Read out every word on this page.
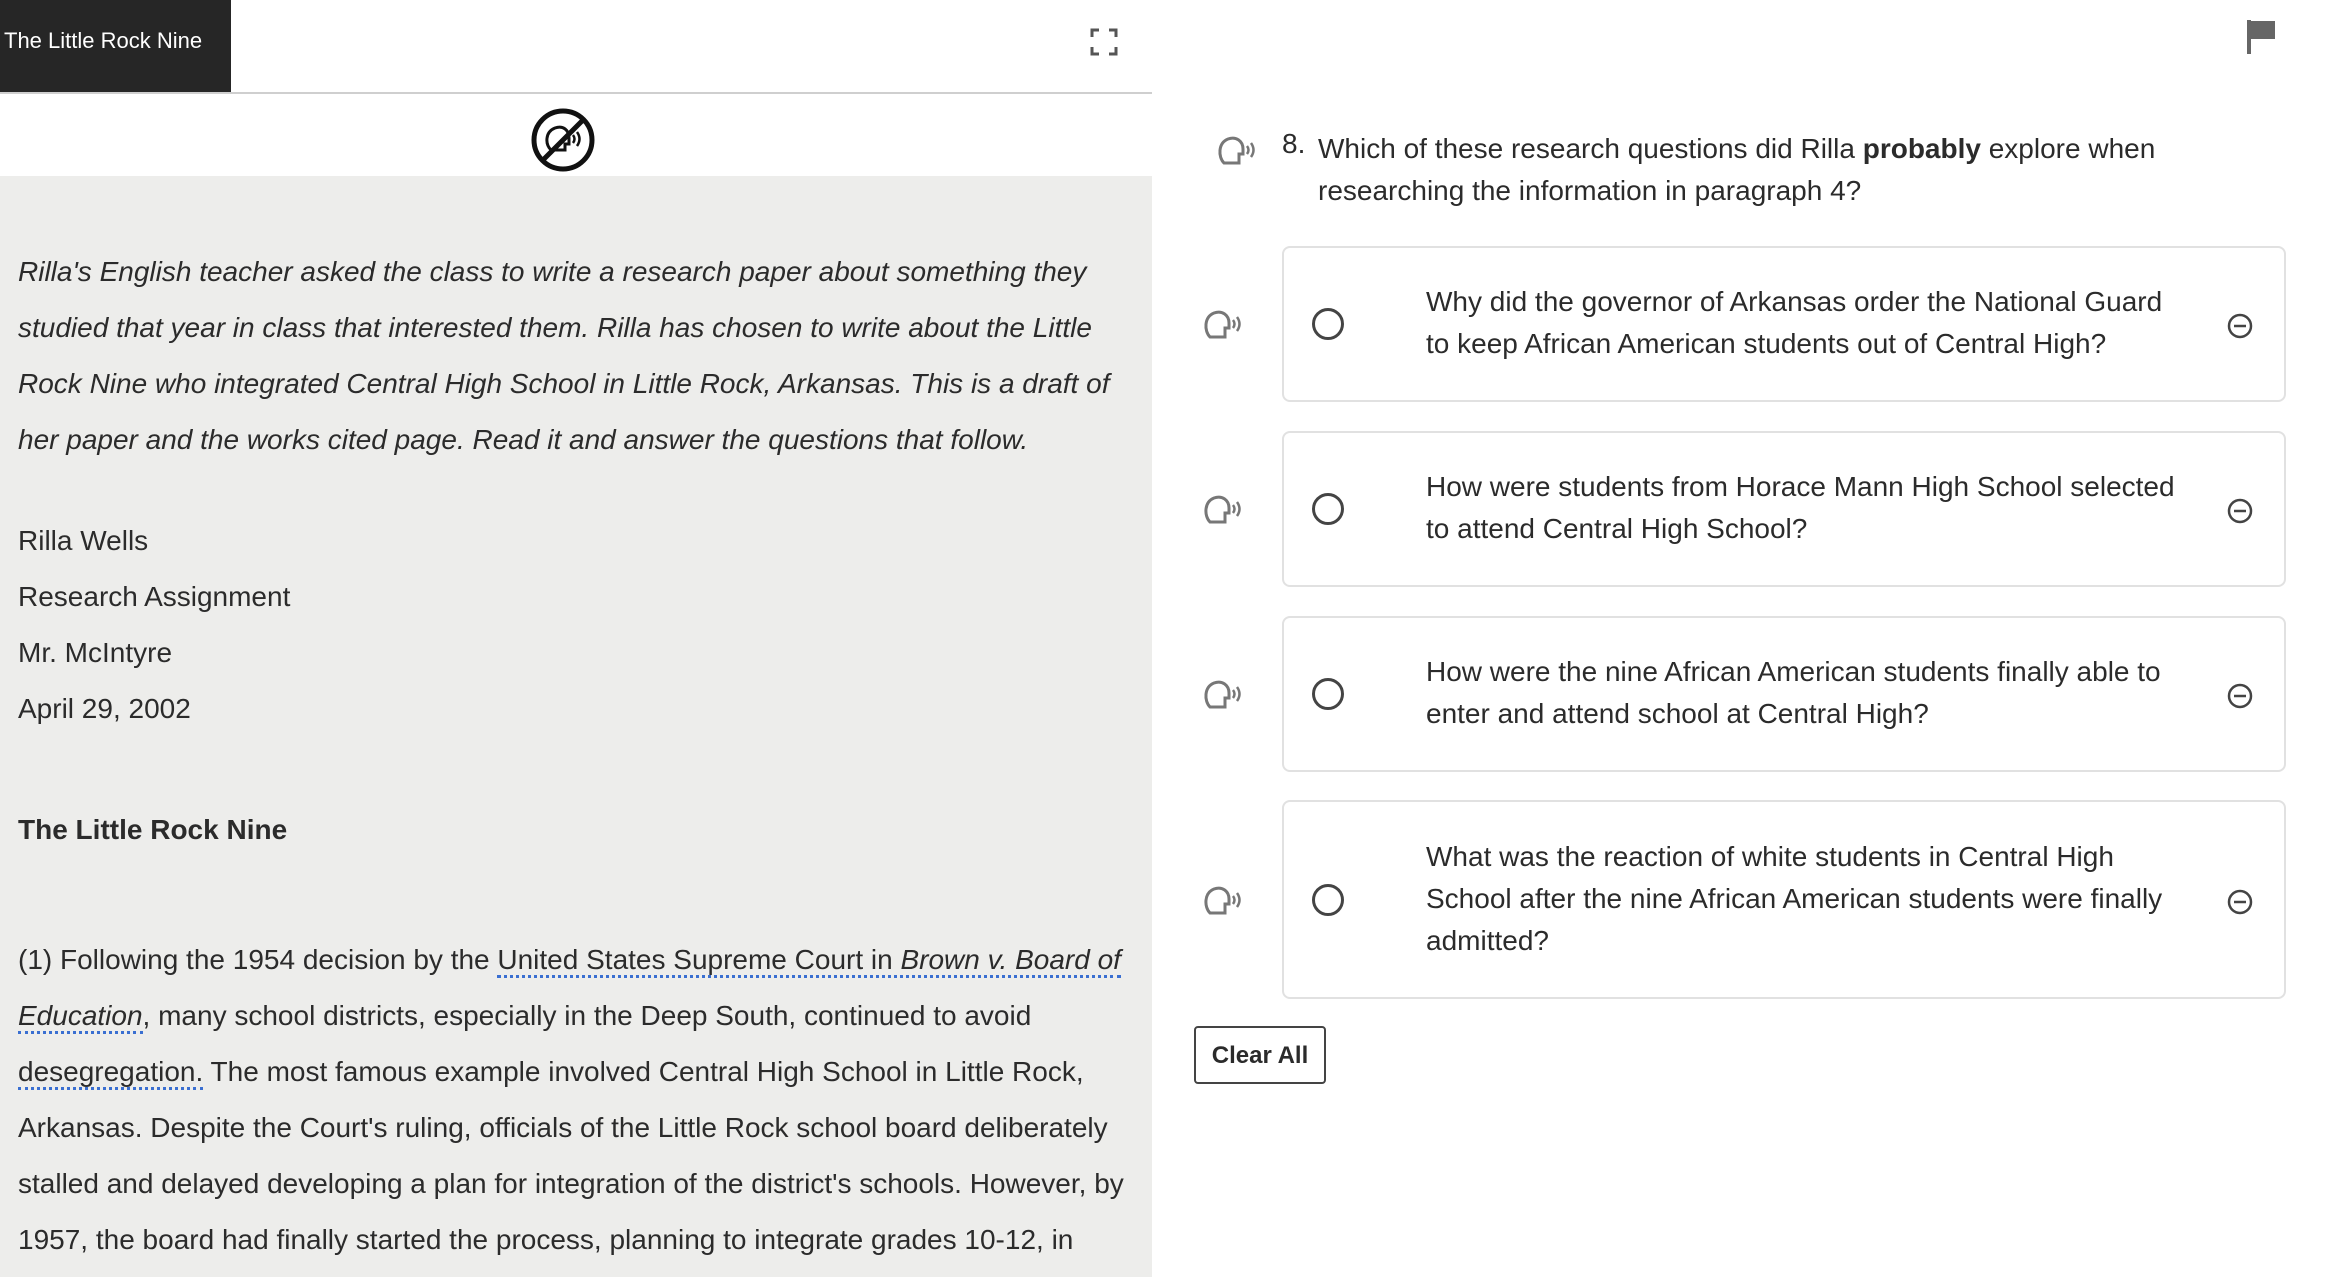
The Little Rock Nine
Rilla's English teacher asked the class to write a research paper about something they studied that year in class that interested them. Rilla has chosen to write about the Little Rock Nine who integrated Central High School in Little Rock, Arkansas. This is a draft of her paper and the works cited page. Read it and answer the questions that follow.
Rilla Wells
Research Assignment
Mr. McIntyre
April 29, 2002
The Little Rock Nine
(1) Following the 1954 decision by the United States Supreme Court in Brown v. Board of Education, many school districts, especially in the Deep South, continued to avoid desegregation. The most famous example involved Central High School in Little Rock, Arkansas. Despite the Court's ruling, officials of the Little Rock school board deliberately stalled and delayed developing a plan for integration of the district's schools. However, by 1957, the board had finally started the process, planning to integrate grades 10-12, in
8. Which of these research questions did Rilla probably explore when researching the information in paragraph 4?
Why did the governor of Arkansas order the National Guard to keep African American students out of Central High?
How were students from Horace Mann High School selected to attend Central High School?
How were the nine African American students finally able to enter and attend school at Central High?
What was the reaction of white students in Central High School after the nine African American students were finally admitted?
Clear All
